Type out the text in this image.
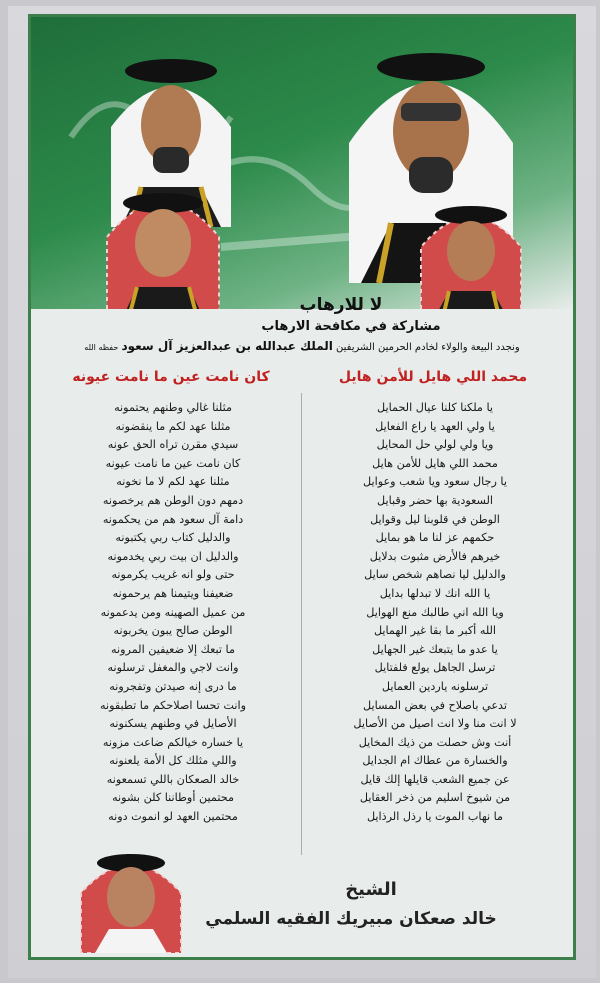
لا للارهاب
مشاركة في مكافحة الارهاب
ونجدد البيعة والولاء لخادم الحرمين الشريفين الملك عبدالله بن عبدالعزيز آل سعود حفظه الله
محمد اللي هايل للأمن هايل
كان نامت عين ما نامت عيونه
يا ملكنا كلنا عيال الحمايل
يا ولي العهد يا راع الفعايل
ويا ولي لولي حل المحايل
محمد اللي هايل للأمن هايل
يا رجال سعود ويا شعب وعوايل
السعودية بها حضر وقبايل
الوطن في قلوبنا ليل وقوايل
حكمهم عز لنا ما هو بمايل
خيرهم فالأرض مثبوت بدلايل
والدليل ليا نصاهم شخص سايل
يا الله انك لا تبدلها بدايل
ويا الله اني طالبك منع الهوايل
الله أكبر ما بقا غير الهمايل
يا عدو ما يتبعك غير الجهايل
ترسل الجاهل يولع فلفتايل
ترسلونه ياردين العمايل
تدعي باصلاح في بعض المسايل
لا انت منا ولا انت اصيل من الأصايل
أنت وش حصلت من ذيك المخايل
والخسارة من عطاك ام الجدايل
عن جميع الشعب قايلها إلك قايل
من شيوخ اسليم من ذخر العقايل
ما نهاب الموت يا رذل الرذايل
مثلنا غالي وطنهم يحتمونه
مثلنا عهد لكم ما ينقضونه
سيدي مقرن تراه الحق عونه
كان نامت عين ما نامت عيونه
مثلنا عهد لكم لا ما نخونه
دمهم دون الوطن هم يرخصونه
دامة آل سعود هم من يحكمونه
والدليل كتاب ربي يكتبونه
والدليل ان بيت ربي يخدمونه
حتى ولو انه غريب يكرمونه
ضعيفنا ويتيمنا هم يرحمونه
من عميل الصهينه ومن يدعمونه
الوطن صالح يبون يخربونه
ما تبعك إلا ضعيفين المرونه
وانت لاجي والمغفل ترسلونه
ما درى إنه صيدتن وتفجرونه
وانت تحسا اصلاحكم ما تطبقونه
الأصايل في وطنهم يسكنونه
يا خساره خيالكم ضاعت مزونه
واللي مثلك كل الأمة يلعنونه
خالد الصعكان باللي تسمعونه
محتمين أوطاننا كلن بشونه
محتمين العهد لو انموت دونه
الشيخ
خالد صعكان مبيريك الفقيه السلمي
